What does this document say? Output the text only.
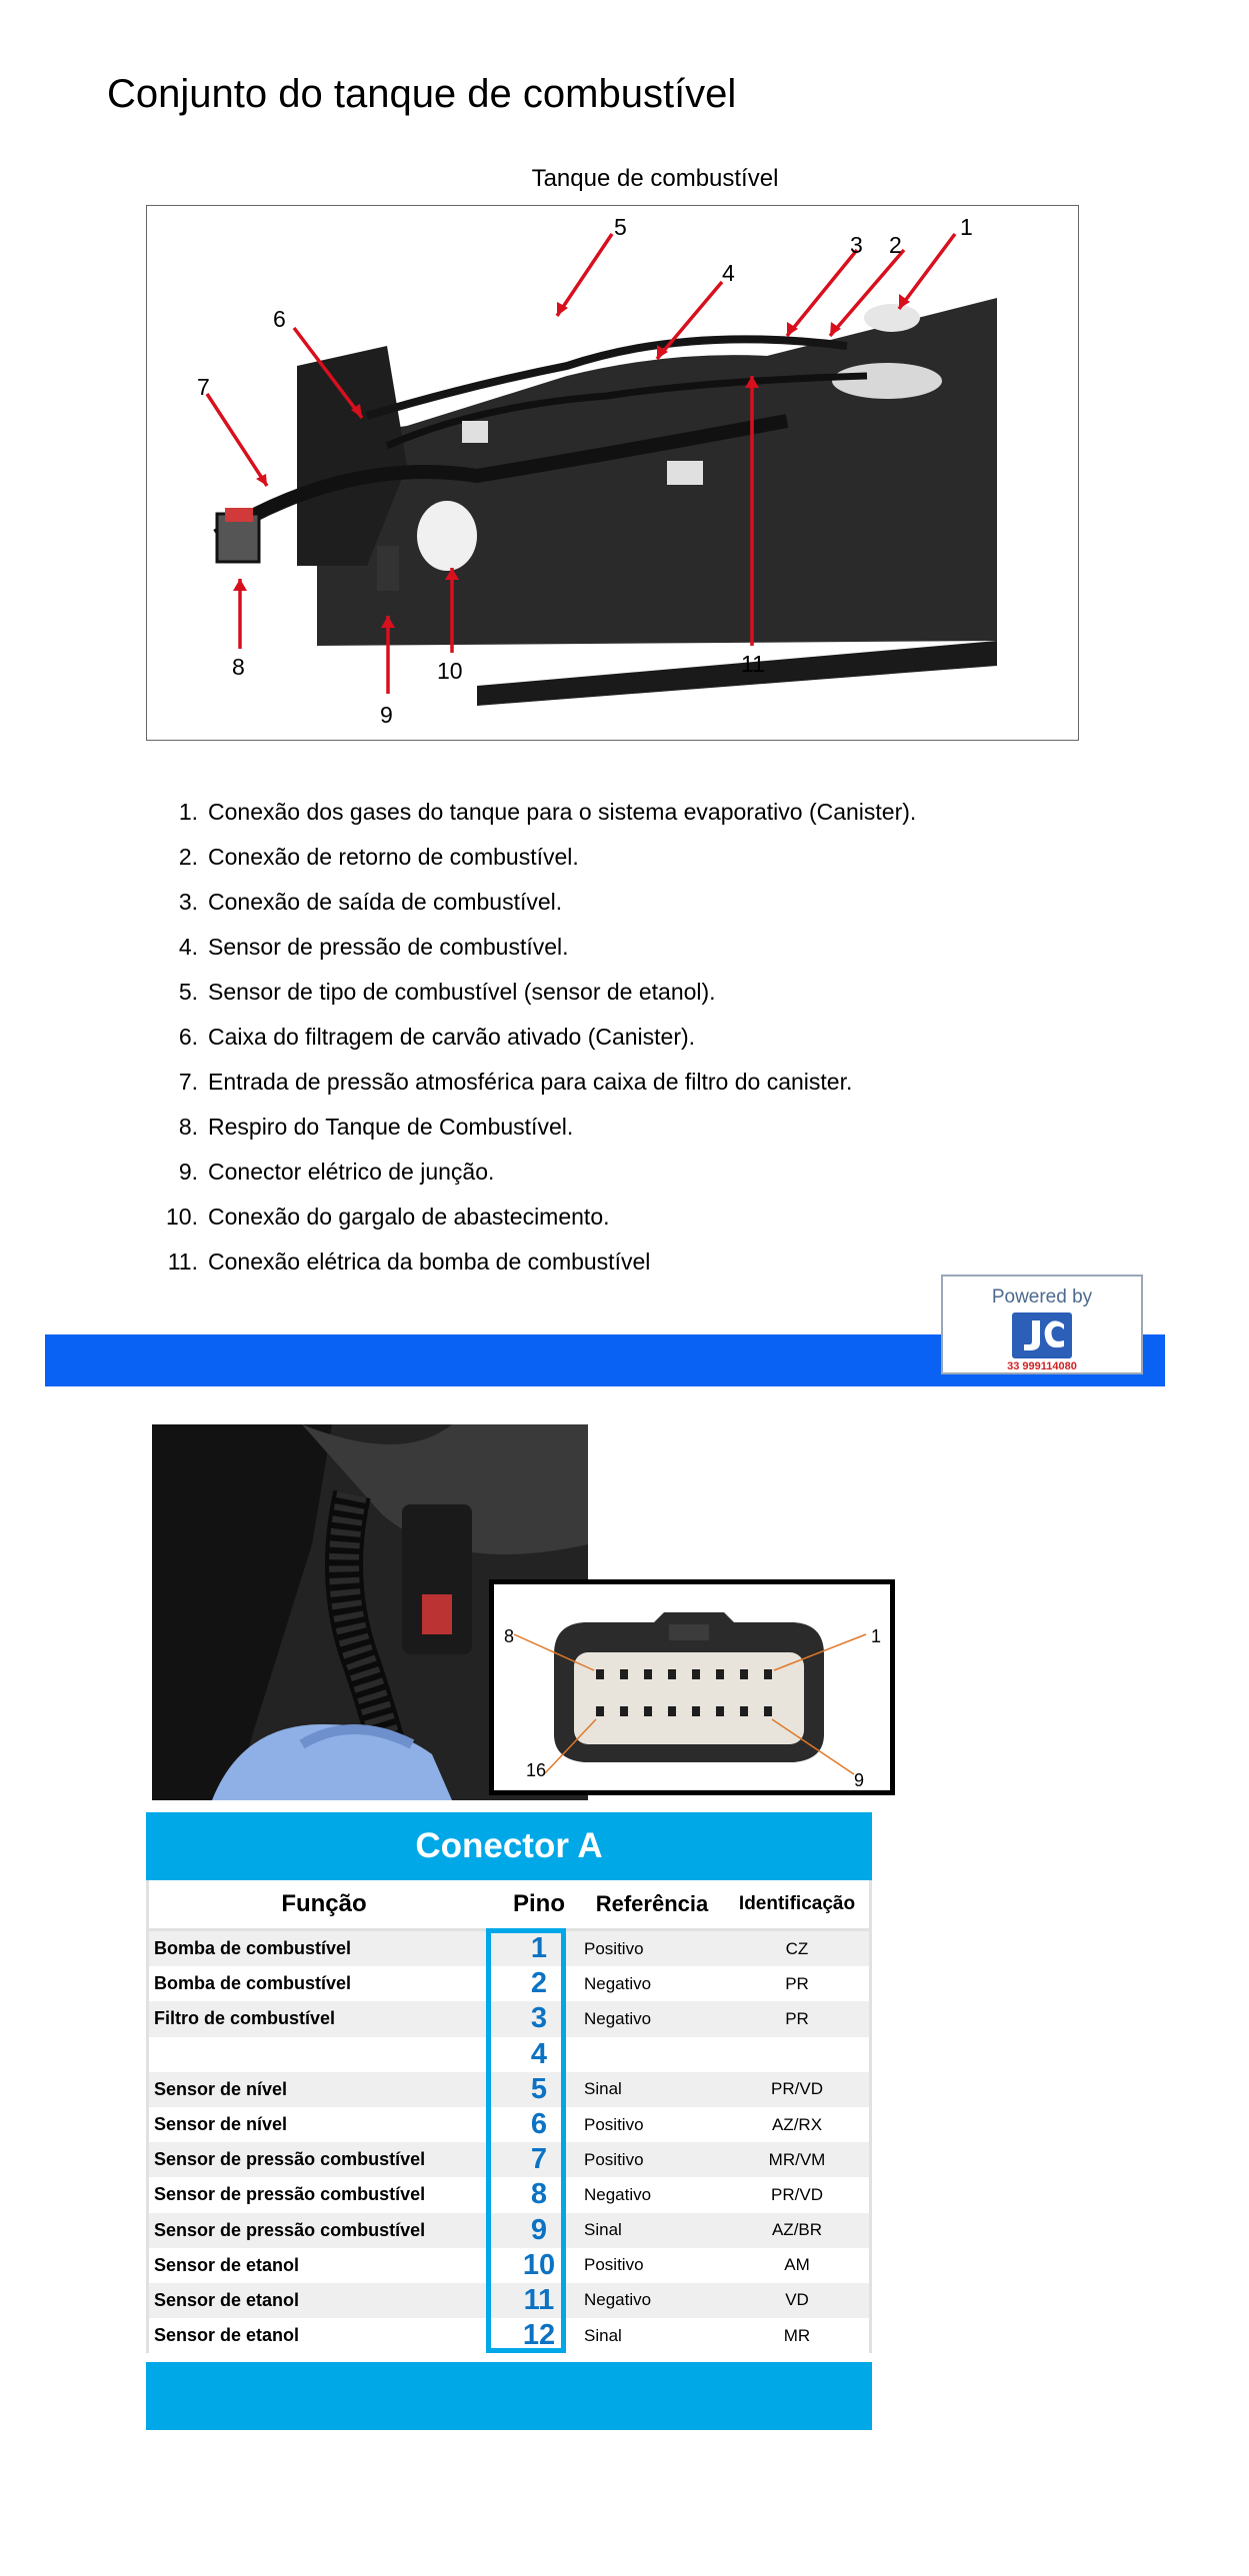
Conjunto do tanque de combustível
Tanque de combustível
1
2
3
4
5
6
7
8
9
10	11
1. Conexão dos gases do tanque para o sistema evaporativo (Canister).
2. Conexão de retorno de combustível.
3. Conexão de saída de combustível.
4. Sensor de pressão de combustível.
5. Sensor de tipo de combustível (sensor de etanol).
6. Caixa do filtragem de carvão ativado (Canister).
7. Entrada de pressão atmosférica para caixa de filtro do canister.
8. Respiro do Tanque de Combustível.
9. Conector elétrico de junção.
10. Conexão do gargalo de abastecimento.
11. Conexão elétrica da bomba de combustível
Powered by
33 999114080
8	1
16	9
Conector A
Função	Pino	Referência	Identificação
Bomba de combustível	1	Positivo	CZ
Bomba de combustível	2	Negativo	PR
Filtro de combustível	3	Negativo	PR
4
Sensor de nível	5	Sinal	PR/VD
Sensor de nível	6	Positivo	AZ/RX
Sensor de pressão combustível	7	Positivo	MR/VM
Sensor de pressão combustível	8	Negativo	PR/VD
Sensor de pressão combustível	9	Sinal	AZ/BR
Sensor de etanol	10	Positivo	AM
Sensor de etanol	11	Negativo	VD
Sensor de etanol	12	Sinal	MR
